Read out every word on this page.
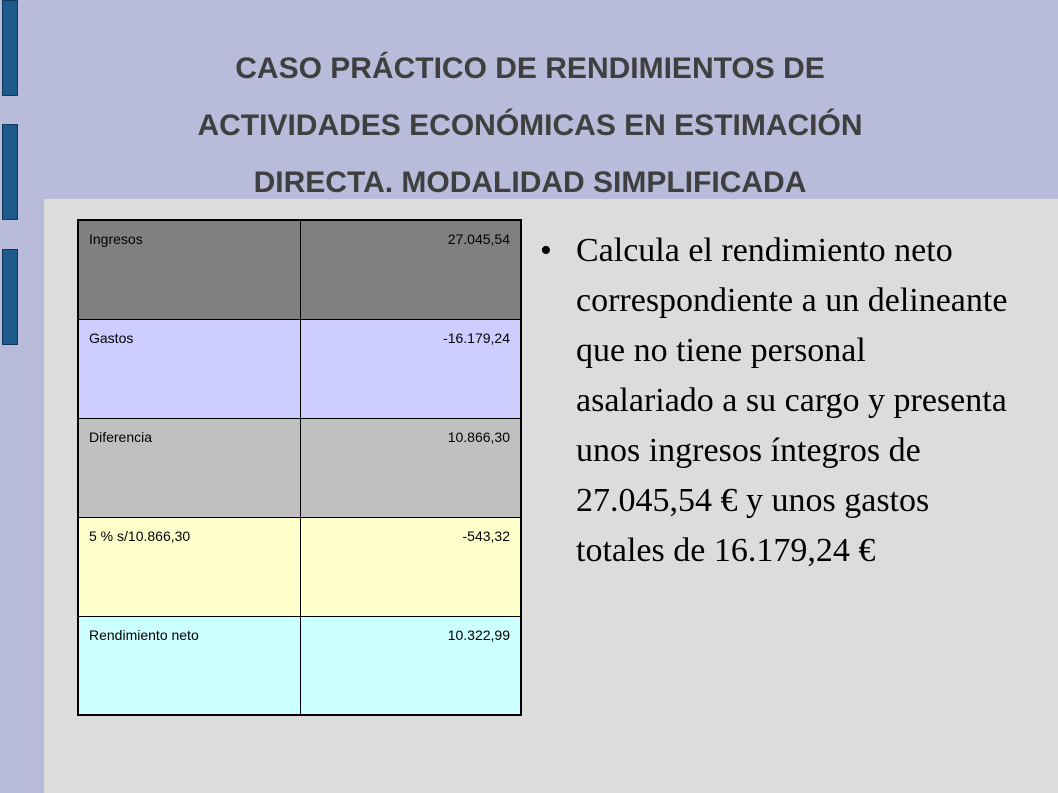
CASO PRÁCTICO DE RENDIMIENTOS DE
ACTIVIDADES ECONÓMICAS EN ESTIMACIÓN
DIRECTA. MODALIDAD SIMPLIFICADA
Ingresos	27.045,54
Gastos	-16.179,24
Diferencia	10.866,30
5 % s/10.866,30	-543,32
Rendimiento neto	10.322,99
• Calcula el rendimiento neto correspondiente a un delineante que no tiene personal asalariado a su cargo y presenta unos ingresos íntegros de 27.045,54 € y unos gastos totales de 16.179,24 €
